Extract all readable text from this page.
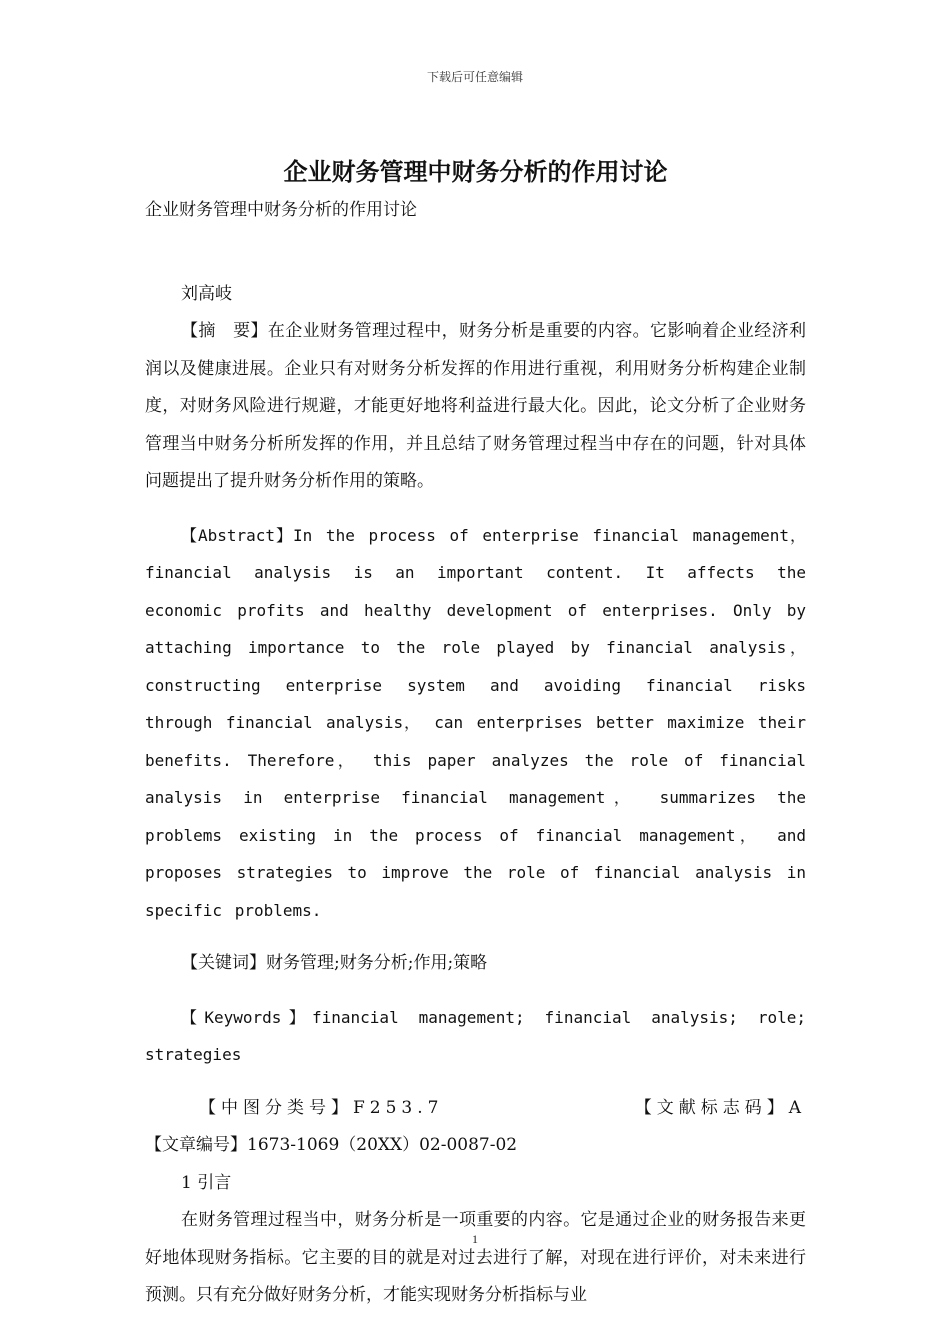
下载后可任意编辑
企业财务管理中财务分析的作用讨论

企业财务管理中财务分析的作用讨论

刘高岐

【摘　要】在企业财务管理过程中，财务分析是重要的内容。它影响着企业经济利润以及健康进展。企业只有对财务分析发挥的作用进行重视，利用财务分析构建企业制度，对财务风险进行规避，才能更好地将利益进行最大化。因此，论文分析了企业财务管理当中财务分析所发挥的作用，并且总结了财务管理过程当中存在的问题，针对具体问题提出了提升财务分析作用的策略。

【Abstract】In the process of enterprise financial management， financial analysis is an important content. It affects the economic profits and healthy development of enterprises. Only by attaching importance to the role played by financial analysis， constructing enterprise system and avoiding financial risks through financial analysis， can enterprises better maximize their benefits. Therefore， this paper analyzes the role of financial analysis in enterprise financial management， summarizes the problems existing in the process of financial management， and proposes strategies to improve the role of financial analysis in specific problems.

【关键词】财务管理;财务分析;作用;策略

【Keywords】financial management; financial analysis; role; strategies

【中图分类号】F253.7	【文献标志码】A

【文章编号】1673-1069（20XX）02-0087-02

1 引言

在财务管理过程当中，财务分析是一项重要的内容。它是通过企业的财务报告来更好地体现财务指标。它主要的目的就是对过去进行了解，对现在进行评价，对未来进行预测。只有充分做好财务分析，才能实现财务分析指标与业

1
